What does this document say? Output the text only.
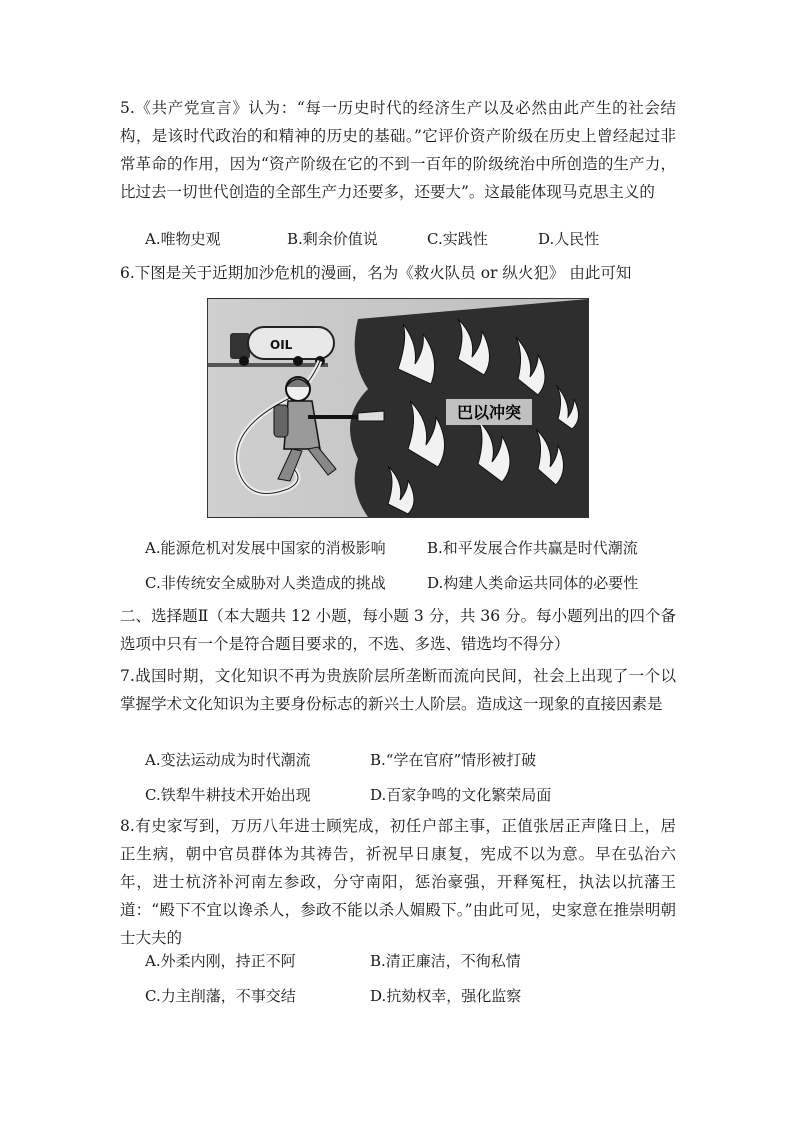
5.《共产党宣言》认为：“每一历史时代的经济生产以及必然由此产生的社会结构，是该时代政治的和精神的历史的基础。”它评价资产阶级在历史上曾经起过非常革命的作用，因为“资产阶级在它的不到一百年的阶级统治中所创造的生产力，比过去一切世代创造的全部生产力还要多，还要大”。这最能体现马克思主义的

A.唯物史观	B.剩余价值说	C.实践性	D.人民性

6.下图是关于近期加沙危机的漫画，名为《救火队员 or 纵火犯》 由此可知

巴以冲突
OIL
A.能源危机对发展中国家的消极影响	B.和平发展合作共赢是时代潮流
C.非传统安全威胁对人类造成的挑战	D.构建人类命运共同体的必要性

二、选择题Ⅱ（本大题共 12 小题，每小题 3 分，共 36 分。每小题列出的四个备选项中只有一个是符合题目要求的，不选、多选、错选均不得分）

7.战国时期，文化知识不再为贵族阶层所垄断而流向民间，社会上出现了一个以掌握学术文化知识为主要身份标志的新兴士人阶层。造成这一现象的直接因素是

A.变法运动成为时代潮流	B.“学在官府”情形被打破
C.铁犁牛耕技术开始出现	D.百家争鸣的文化繁荣局面

8.有史家写到，万历八年进士顾宪成，初任户部主事，正值张居正声隆日上，居正生病，朝中官员群体为其祷告，祈祝早日康复，宪成不以为意。早在弘治六年，进士杭济补河南左参政，分守南阳，惩治豪强，开释冤枉，执法以抗藩王道：“殿下不宜以谗杀人，参政不能以杀人媚殿下。”由此可见，史家意在推崇明朝士大夫的

A.外柔内刚，持正不阿	B.清正廉洁，不徇私情
C.力主削藩，不事交结	D.抗劾权幸，强化监察
